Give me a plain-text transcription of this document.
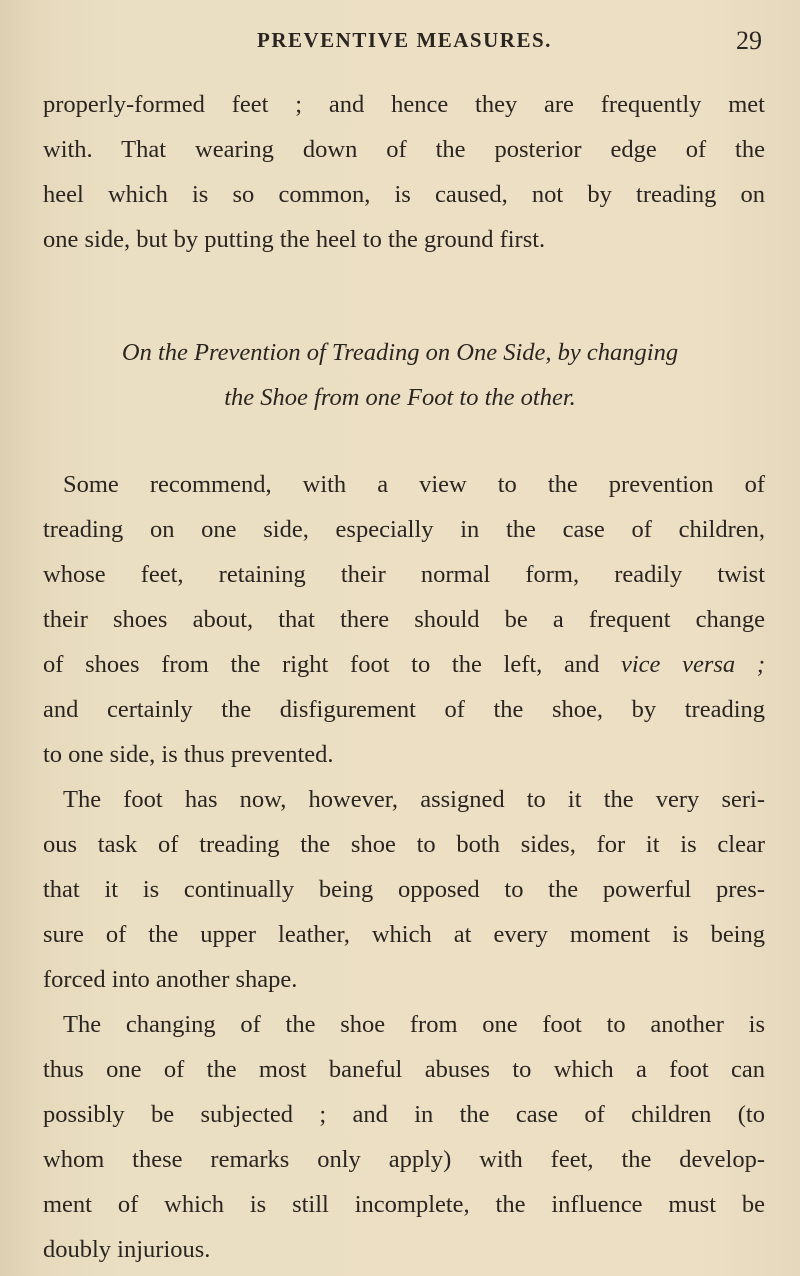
PREVENTIVE MEASURES.	29

properly-formed feet ; and hence they are frequently met

with. That wearing down of the posterior edge of the

heel which is so common, is caused, not by treading on

one side, but by putting the heel to the ground first.

On the Prevention of Treading on One Side, by changing
the Shoe from one Foot to the other.

Some recommend, with a view to the prevention of

treading on one side, especially in the case of children,

whose feet, retaining their normal form, readily twist

their shoes about, that there should be a frequent change

of shoes from the right foot to the left, and vice versa ;

and certainly the disfigurement of the shoe, by treading

to one side, is thus prevented.

The foot has now, however, assigned to it the very seri-

ous task of treading the shoe to both sides, for it is clear

that it is continually being opposed to the powerful pres-

sure of the upper leather, which at every moment is being

forced into another shape.

The changing of the shoe from one foot to another is

thus one of the most baneful abuses to which a foot can

possibly be subjected ; and in the case of children (to

whom these remarks only apply) with feet, the develop-

ment of which is still incomplete, the influence must be

doubly injurious.
